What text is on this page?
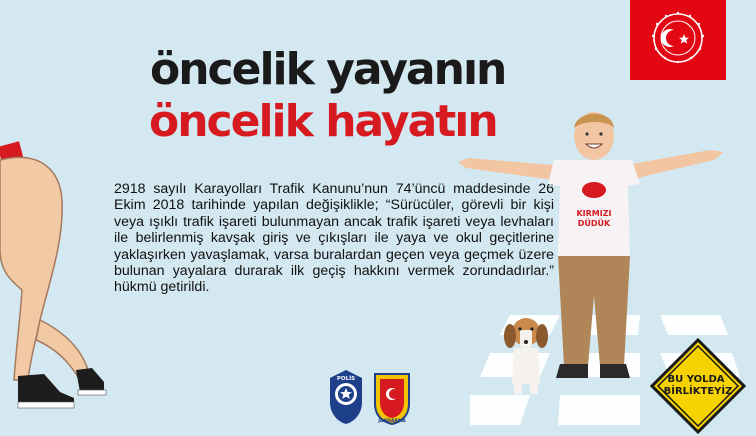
öncelik yayanın
öncelik hayatın

2918 sayılı Karayolları Trafik Kanunu’nun 74’üncü maddesinde 26 Ekim 2018 tarihinde yapılan değişiklikle; “Sürücüler, görevli bir kişi veya ışıklı trafik işareti bulunmayan ancak trafik işareti veya levhaları ile belirlenmiş kavşak giriş ve çıkışları ile yaya ve okul geçitlerine yaklaşırken yavaşlamak, varsa buralardan geçen veya geçmek üzere bulunan yayalara durarak ilk geçiş hakkını vermek zorundadırlar.” hükmü getirildi.

KIRMIZI
DÜDÜK
POLİS
JANDARMA
BU YOLDA
BİRLİKTEYİZ
